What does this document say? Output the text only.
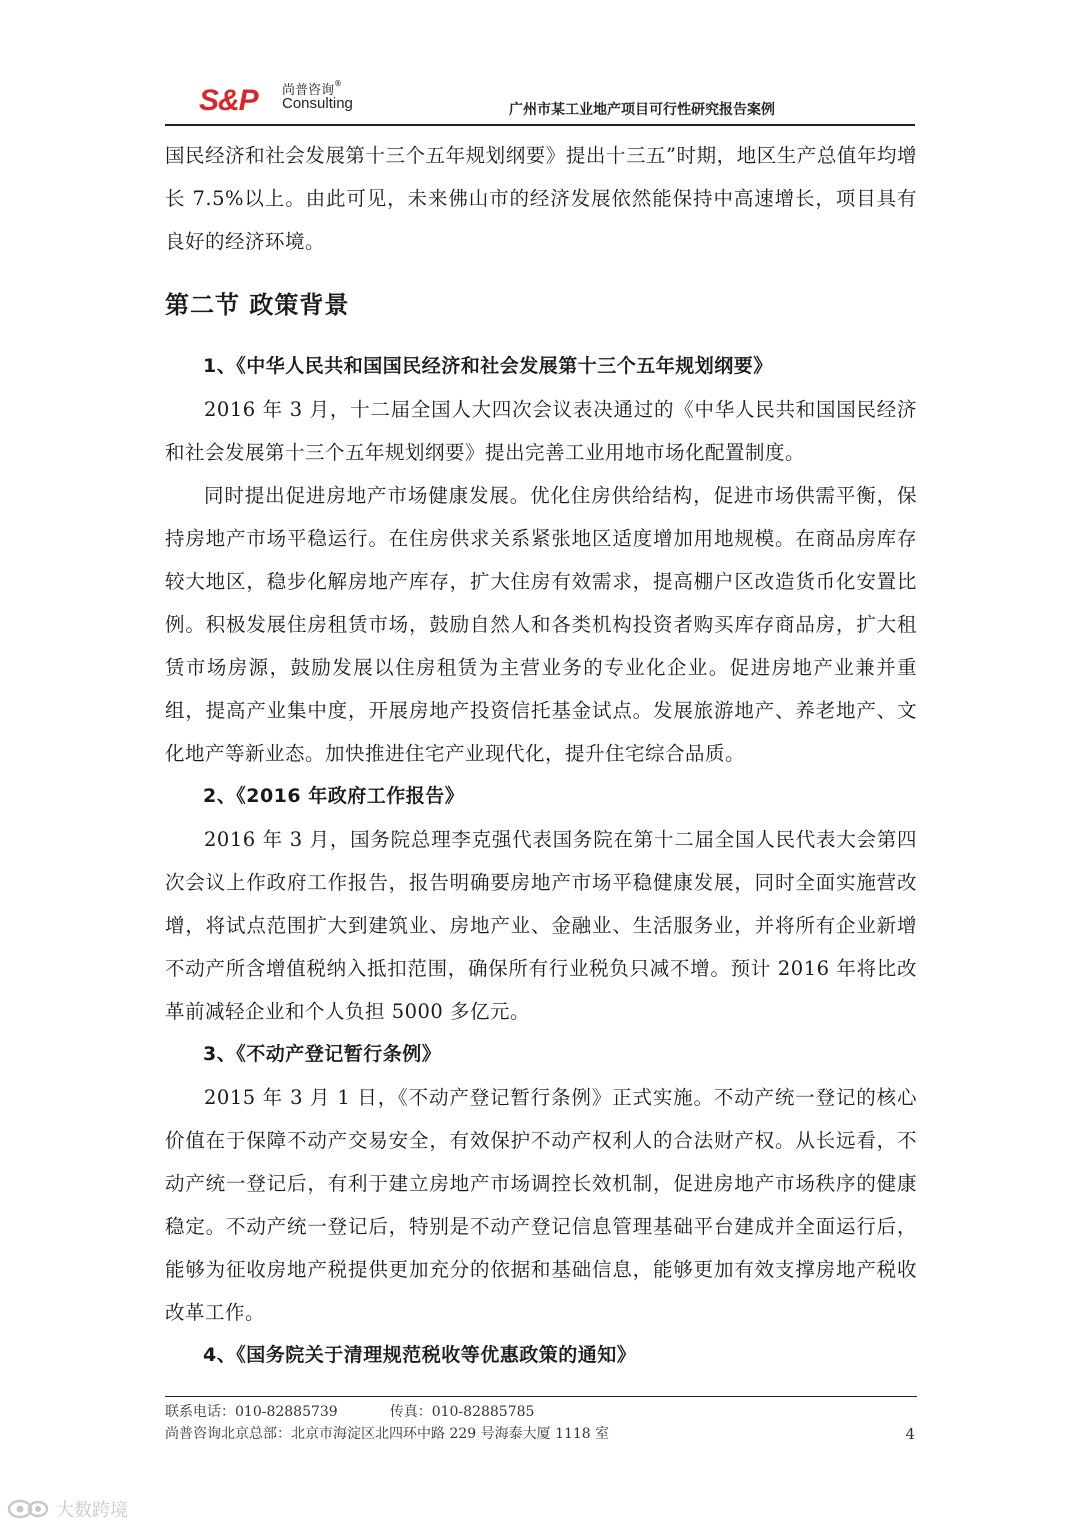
S&P 尚普咨询®
Consulting	广州市某工业地产项目可行性研究报告案例

国民经济和社会发展第十三个五年规划纲要》提出十三五”时期，地区生产总值年均增长 7.5%以上。由此可见，未来佛山市的经济发展依然能保持中高速增长，项目具有良好的经济环境。

第二节 政策背景
1、《中华人民共和国国民经济和社会发展第十三个五年规划纲要》

2016 年 3 月，十二届全国人大四次会议表决通过的《中华人民共和国国民经济和社会发展第十三个五年规划纲要》提出完善工业用地市场化配置制度。

同时提出促进房地产市场健康发展。优化住房供给结构，促进市场供需平衡，保持房地产市场平稳运行。在住房供求关系紧张地区适度增加用地规模。在商品房库存较大地区，稳步化解房地产库存，扩大住房有效需求，提高棚户区改造货币化安置比例。积极发展住房租赁市场，鼓励自然人和各类机构投资者购买库存商品房，扩大租赁市场房源，鼓励发展以住房租赁为主营业务的专业化企业。促进房地产业兼并重组，提高产业集中度，开展房地产投资信托基金试点。发展旅游地产、养老地产、文化地产等新业态。加快推进住宅产业现代化，提升住宅综合品质。

2、《2016 年政府工作报告》

2016 年 3 月，国务院总理李克强代表国务院在第十二届全国人民代表大会第四次会议上作政府工作报告，报告明确要房地产市场平稳健康发展，同时全面实施营改增，将试点范围扩大到建筑业、房地产业、金融业、生活服务业，并将所有企业新增不动产所含增值税纳入抵扣范围，确保所有行业税负只减不增。预计 2016 年将比改革前减轻企业和个人负担 5000 多亿元。

3、《不动产登记暂行条例》

2015 年 3 月 1 日，《不动产登记暂行条例》正式实施。不动产统一登记的核心价值在于保障不动产交易安全，有效保护不动产权利人的合法财产权。从长远看，不动产统一登记后，有利于建立房地产市场调控长效机制，促进房地产市场秩序的健康稳定。不动产统一登记后，特别是不动产登记信息管理基础平台建成并全面运行后，能够为征收房地产税提供更加充分的依据和基础信息，能够更加有效支撑房地产税收改革工作。

4、《国务院关于清理规范税收等优惠政策的通知》
联系电话：010-82885739	传真：010-82885785
尚普咨询北京总部：北京市海淀区北四环中路 229 号海泰大厦 1118 室	4
大数跨境
